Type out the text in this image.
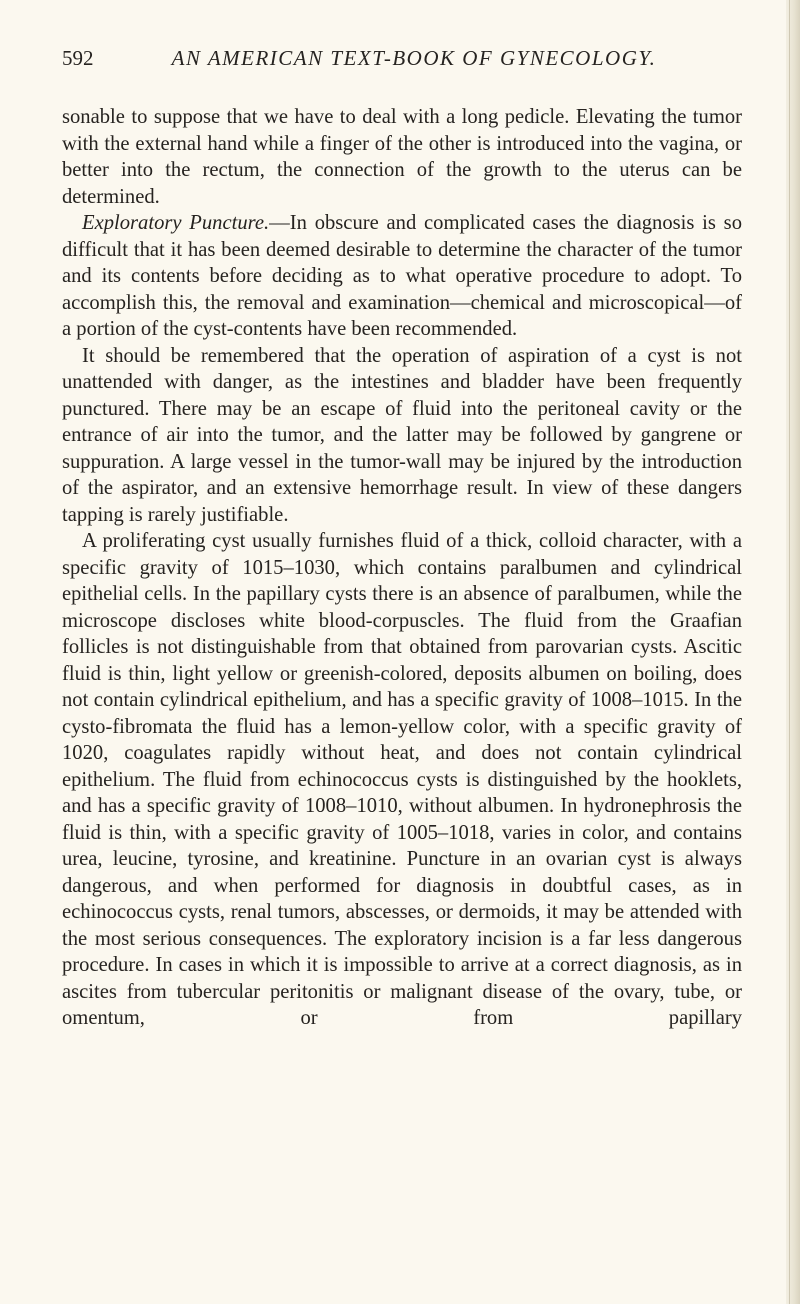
592	AN AMERICAN TEXT-BOOK OF GYNECOLOGY.

sonable to suppose that we have to deal with a long pedicle. Elevating the tumor with the external hand while a finger of the other is introduced into the vagina, or better into the rectum, the connection of the growth to the uterus can be determined.

Exploratory Puncture.—In obscure and complicated cases the diagnosis is so difficult that it has been deemed desirable to determine the character of the tumor and its contents before deciding as to what operative procedure to adopt. To accomplish this, the removal and examination—chemical and microscopical—of a portion of the cyst-contents have been recommended.

It should be remembered that the operation of aspiration of a cyst is not unattended with danger, as the intestines and bladder have been frequently punctured. There may be an escape of fluid into the peritoneal cavity or the entrance of air into the tumor, and the latter may be followed by gangrene or suppuration. A large vessel in the tumor-wall may be injured by the introduction of the aspirator, and an extensive hemorrhage result. In view of these dangers tapping is rarely justifiable.

A proliferating cyst usually furnishes fluid of a thick, colloid character, with a specific gravity of 1015–1030, which contains paralbumen and cylindrical epithelial cells. In the papillary cysts there is an absence of paralbumen, while the microscope discloses white blood-corpuscles. The fluid from the Graafian follicles is not distinguishable from that obtained from parovarian cysts. Ascitic fluid is thin, light yellow or greenish-colored, deposits albumen on boiling, does not contain cylindrical epithelium, and has a specific gravity of 1008–1015. In the cysto-fibromata the fluid has a lemon-yellow color, with a specific gravity of 1020, coagulates rapidly without heat, and does not contain cylindrical epithelium. The fluid from echinococcus cysts is distinguished by the hooklets, and has a specific gravity of 1008–1010, without albumen. In hydronephrosis the fluid is thin, with a specific gravity of 1005–1018, varies in color, and contains urea, leucine, tyrosine, and kreatinine. Puncture in an ovarian cyst is always dangerous, and when performed for diagnosis in doubtful cases, as in echinococcus cysts, renal tumors, abscesses, or dermoids, it may be attended with the most serious consequences. The exploratory incision is a far less dangerous procedure. In cases in which it is impossible to arrive at a correct diagnosis, as in ascites from tubercular peritonitis or malignant disease of the ovary, tube, or omentum, or from papillary
